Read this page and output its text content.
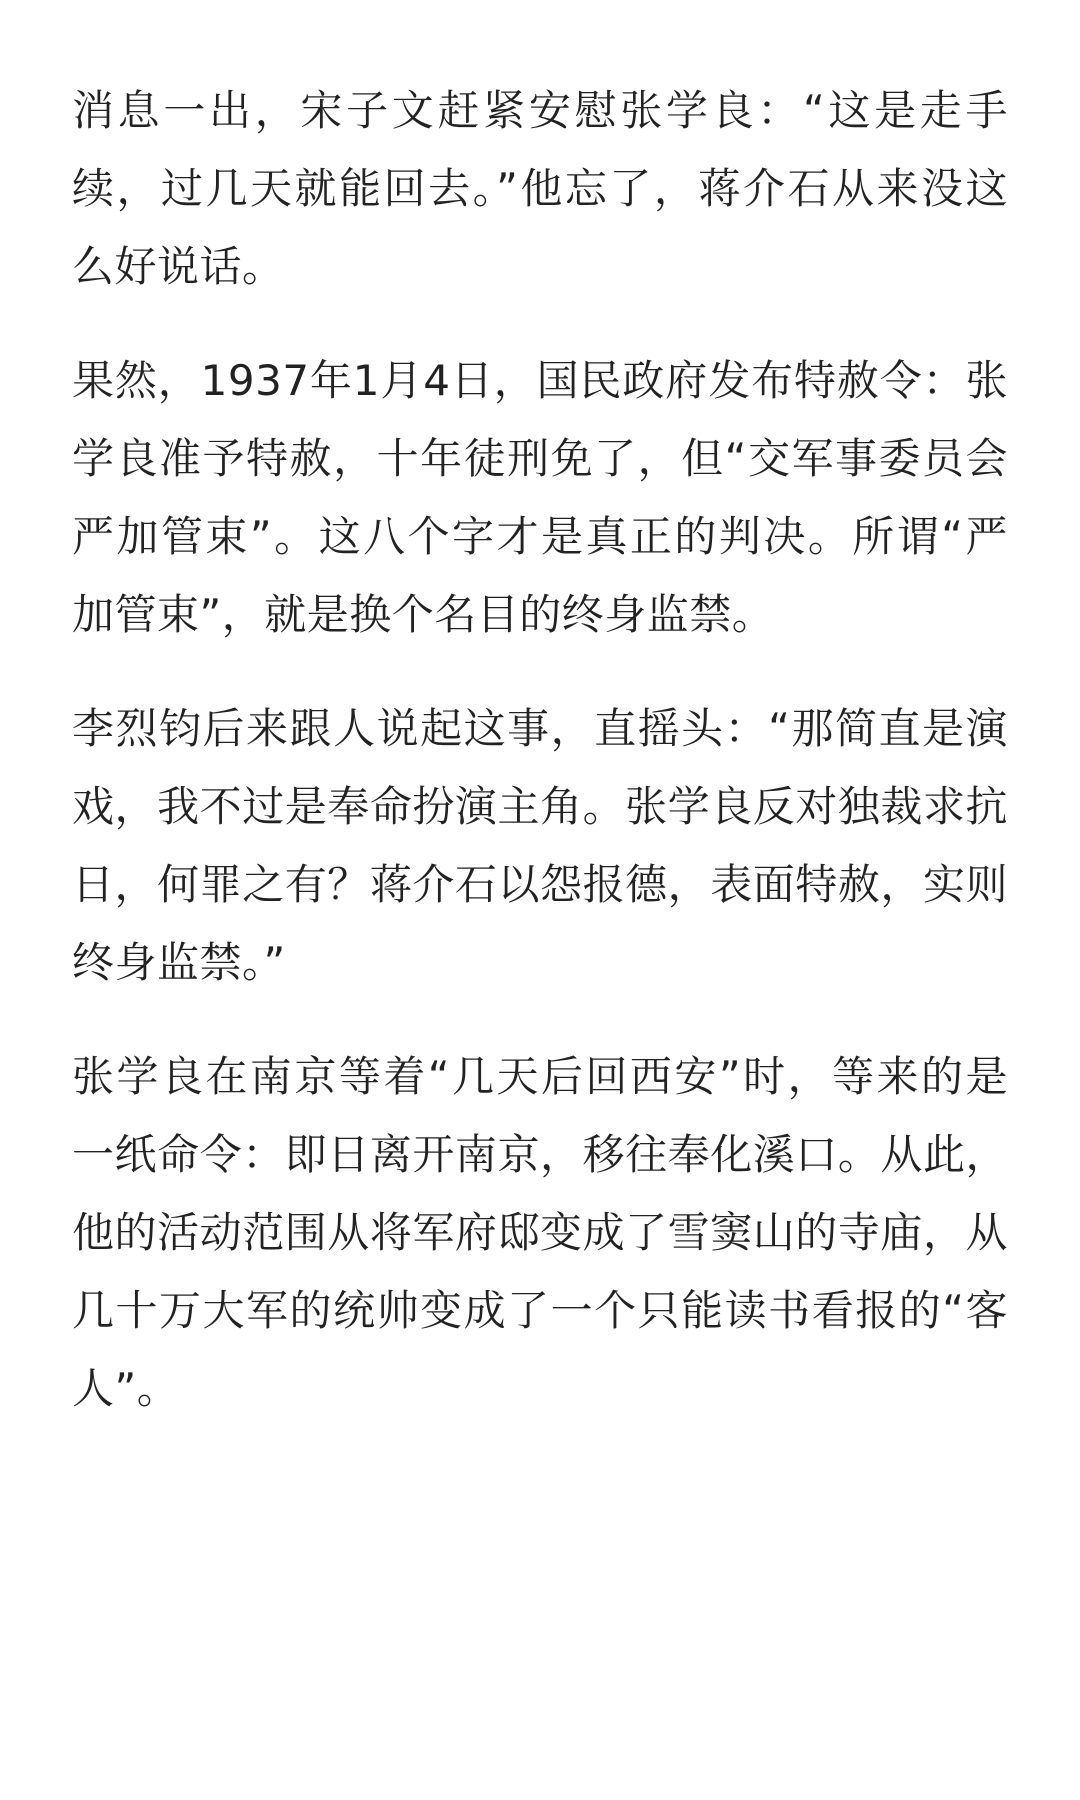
消息一出，宋子文赶紧安慰张学良：“这是走手续，过几天就能回去。”他忘了，蒋介石从来没这么好说话。

果然，1937年1月4日，国民政府发布特赦令：张学良准予特赦，十年徒刑免了，但“交军事委员会严加管束”。这八个字才是真正的判决。所谓“严加管束”，就是换个名目的终身监禁。

李烈钧后来跟人说起这事，直摇头：“那简直是演戏，我不过是奉命扮演主角。张学良反对独裁求抗日，何罪之有？蒋介石以怨报德，表面特赦，实则终身监禁。”

张学良在南京等着“几天后回西安”时，等来的是一纸命令：即日离开南京，移往奉化溪口。从此，他的活动范围从将军府邸变成了雪窦山的寺庙，从几十万大军的统帅变成了一个只能读书看报的“客人”。
